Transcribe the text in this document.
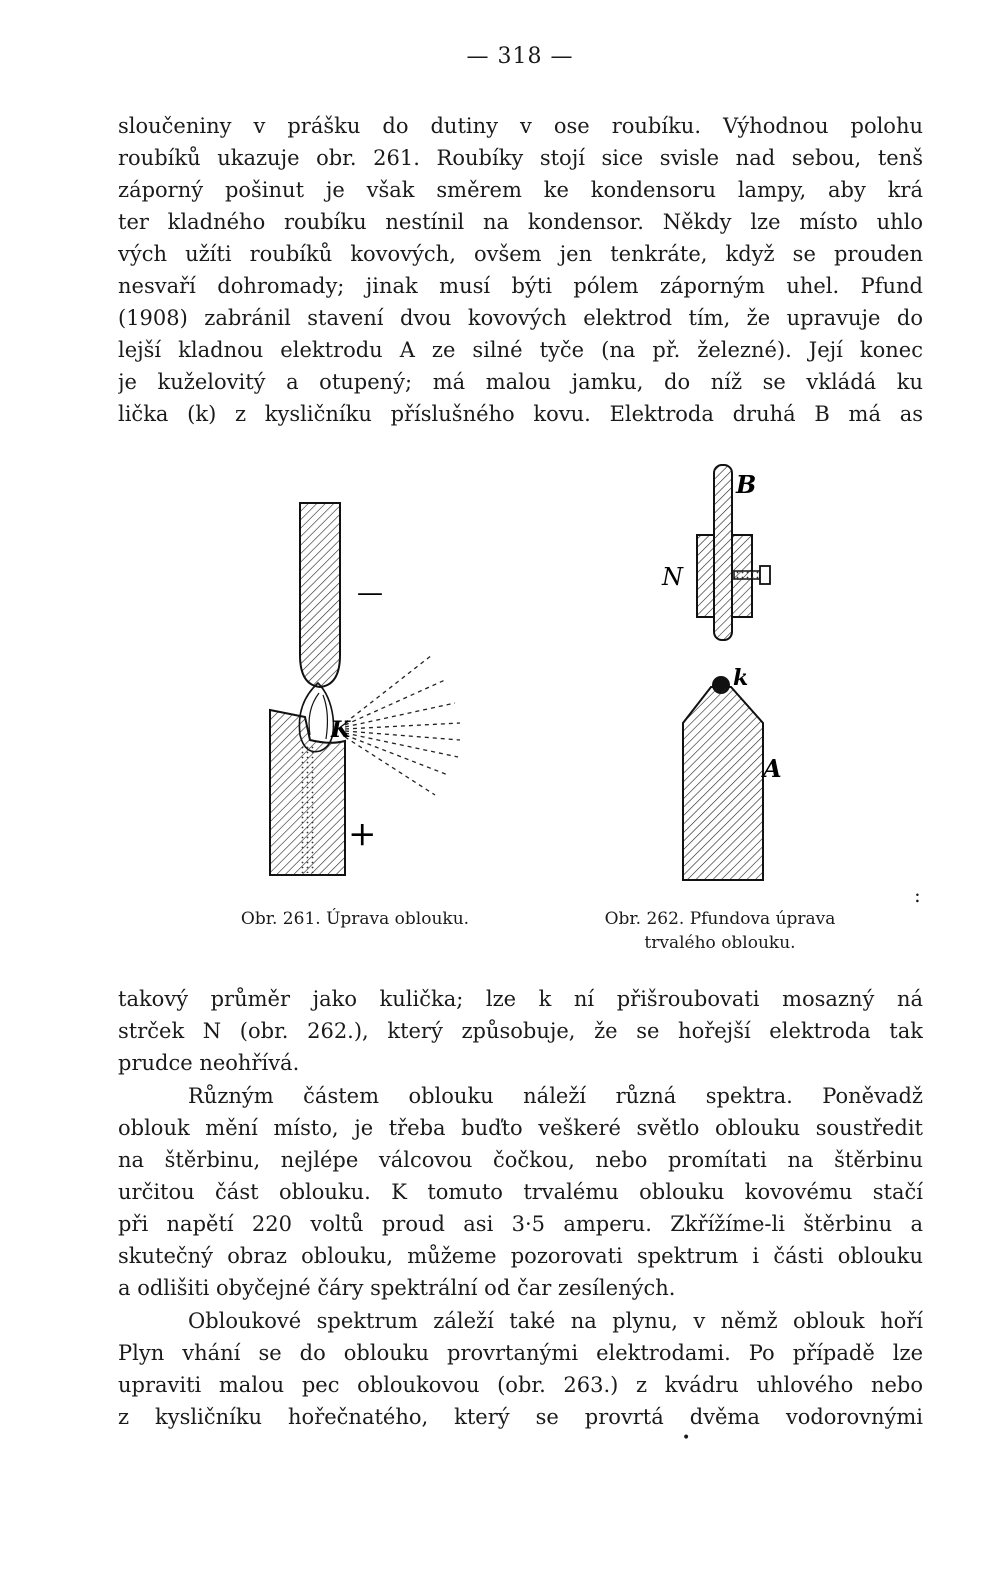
— 318 —
sloučeniny v prášku do dutiny v ose roubíku. Výhodnou polohu
roubíků ukazuje obr. 261. Roubíky stojí sice svisle nad sebou, tenš
záporný pošinut je však směrem ke kondensoru lampy, aby krá
ter kladného roubíku nestínil na kondensor. Někdy lze místo uhlo
vých užíti roubíků kovových, ovšem jen tenkráte, když se prouden
nesvaří dohromady; jinak musí býti pólem záporným uhel. Pfund
(1908) zabránil stavení dvou kovových elektrod tím, že upravuje do
lejší kladnou elektrodu A ze silné tyče (na př. železné). Její konec
je kuželovitý a otupený; má malou jamku, do níž se vkládá ku
lička (k) z kysličníku příslušného kovu. Elektroda druhá B má as
—
+
K
B
N
k
A
Obr. 261. Úprava oblouku.	Obr. 262. Pfundova úprava
trvalého oblouku.
:
takový průměr jako kulička; lze k ní přišroubovati mosazný ná
strček N (obr. 262.), který způsobuje, že se hořejší elektroda tak
prudce neohřívá.
Různým částem oblouku náleží různá spektra. Poněvadž
oblouk mění místo, je třeba buďto veškeré světlo oblouku soustředit
na štěrbinu, nejlépe válcovou čočkou, nebo promítati na štěrbinu
určitou část oblouku. K tomuto trvalému oblouku kovovému stačí
při napětí 220 voltů proud asi 3·5 amperu. Zkřížíme-li štěrbinu a
skutečný obraz oblouku, můžeme pozorovati spektrum i části oblouku
a odlišiti obyčejné čáry spektrální od čar zesílených.
Obloukové spektrum záleží také na plynu, v němž oblouk hoří
Plyn vhání se do oblouku provrtanými elektrodami. Po případě lze
upraviti malou pec obloukovou (obr. 263.) z kvádru uhlového nebo
z kysličníku hořečnatého, který se provrtá dvěma vodorovnými
•
